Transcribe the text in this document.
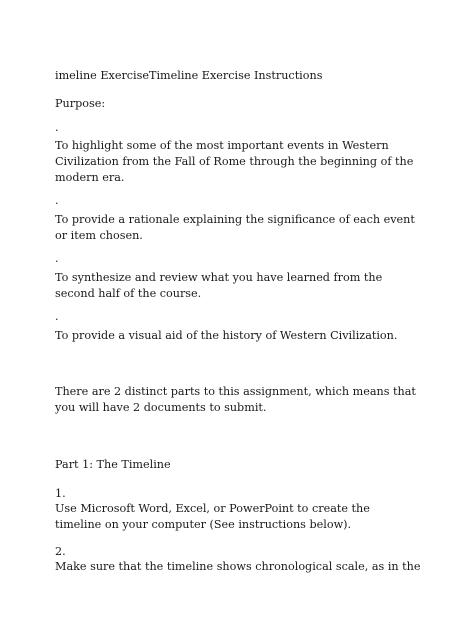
imeline ExerciseTimeline Exercise Instructions
Purpose:
·
To highlight some of the most important events in Western
Civilization from the Fall of Rome through the beginning of the
modern era.
·
To provide a rationale explaining the significance of each event
or item chosen.
·
To synthesize and review what you have learned from the
second half of the course.
·
To provide a visual aid of the history of Western Civilization.
There are 2 distinct parts to this assignment, which means that
you will have 2 documents to submit.
Part 1: The Timeline
1.
Use Microsoft Word, Excel, or PowerPoint to create the
timeline on your computer (See instructions below).
2.
Make sure that the timeline shows chronological scale, as in the
